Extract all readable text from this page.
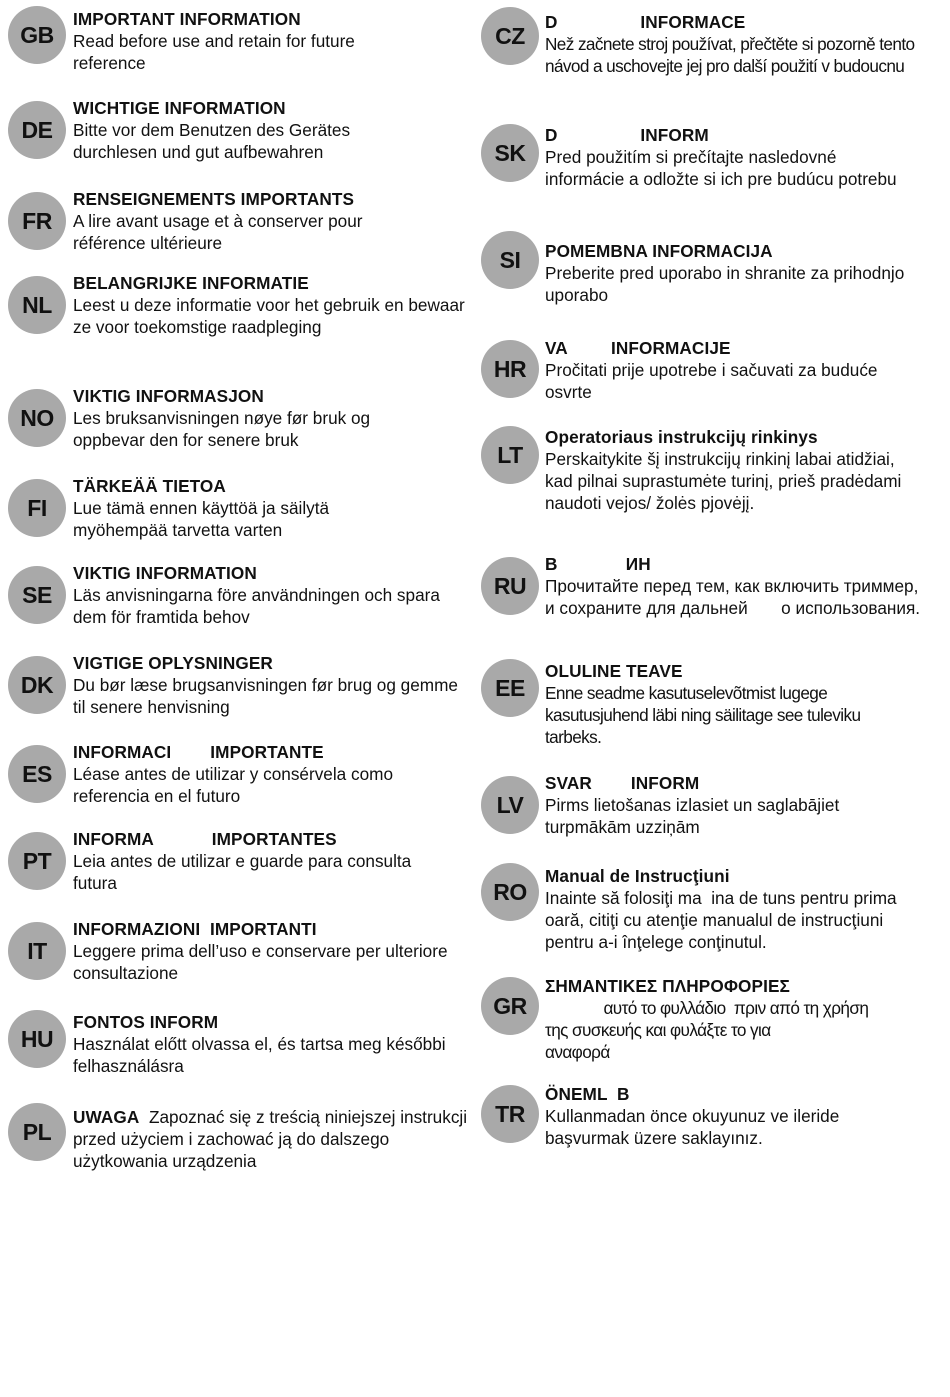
GB
IMPORTANT INFORMATION
Read before use and retain for future reference
DE
WICHTIGE INFORMATION
Bitte vor dem Benutzen des Gerätes durchlesen und gut aufbewahren
FR
RENSEIGNEMENTS IMPORTANTS
A lire avant usage et à conserver pour référence ultérieure
NL
BELANGRIJKE INFORMATIE
Leest u deze informatie voor het gebruik en bewaar ze voor toekomstige raadpleging
NO
VIKTIG INFORMASJON
Les bruksanvisningen nøye før bruk og oppbevar den for senere bruk
FI
TÄRKEÄÄ TIETOA
Lue tämä ennen käyttöä ja säilytä myöhempää tarvetta varten
SE
VIKTIG INFORMATION
Läs anvisningarna före användningen och spara dem för framtida behov
DK
VIGTIGE OPLYSNINGER
Du bør læse brugsanvisningen før brug og gemme til senere henvisning
ES
INFORMACI        IMPORTANTE
Léase antes de utilizar y consérvela como referencia en el futuro
PT
INFORMA            IMPORTANTES
Leia antes de utilizar e guarde para consulta futura
IT
INFORMAZIONI  IMPORTANTI
Leggere prima dell’uso e conservare per ulteriore consultazione
HU
FONTOS INFORM
Használat előtt olvassa el, és tartsa meg későbbi felhasználásra
PL
UWAGA Zapoznać się z treścią niniejszej instrukcji przed użyciem i zachować ją do dalszego użytkowania urządzenia
CZ
D                 INFORMACE
Než začnete stroj používat, přečtěte si pozorně tento návod a uschovejte jej pro další použití v budoucnu
SK
D                 INFORM
Pred použitím si prečítajte nasledovné informácie a odložte si ich pre budúcu potrebu
SI	POMEMBNA INFORMACIJA
Preberite pred uporabo in shranite za prihodnjo uporabo
HR
VA         INFORMACIJE
Pročitati prije upotrebe i sačuvati za buduće osvrte
LT
Operatoriaus instrukcijų rinkinys
Perskaitykite šį instrukcijų rinkinį labai atidžiai, kad pilnai suprastumėte turinį, prieš pradėdami naudoti vejos/ žolės pjovėjį.
RU
В              ИН
Прочитайте перед тем, как включить триммер, и сохраните для дальней       о использования.
EE
OLULINE TEAVE
Enne seadme kasutuselevõtmist lugege kasutusjuhend läbi ning säilitage see tuleviku tarbeks.
LV
SVAR        INFORM
Pirms lietošanas izlasiet un saglabājiet turpmākām uzziņām
RO
Manual de Instrucţiuni
Inainte să folosiţi ma  ina de tuns pentru prima oară, citiţi cu atenţie manualul de instrucţiuni pentru a-i înţelege conţinutul.
GR
ΣΗΜΑΝΤΙΚΕΣ ΠΛΗΡΟΦΟΡΙΕΣ
αυτό το φυλλάδιο  πριν από τη χρήση της συσκευής και φυλάξτε το για               αναφορά
TR
ÖNEML  B
Kullanmadan önce okuyunuz ve ileride başvurmak üzere saklayınız.
